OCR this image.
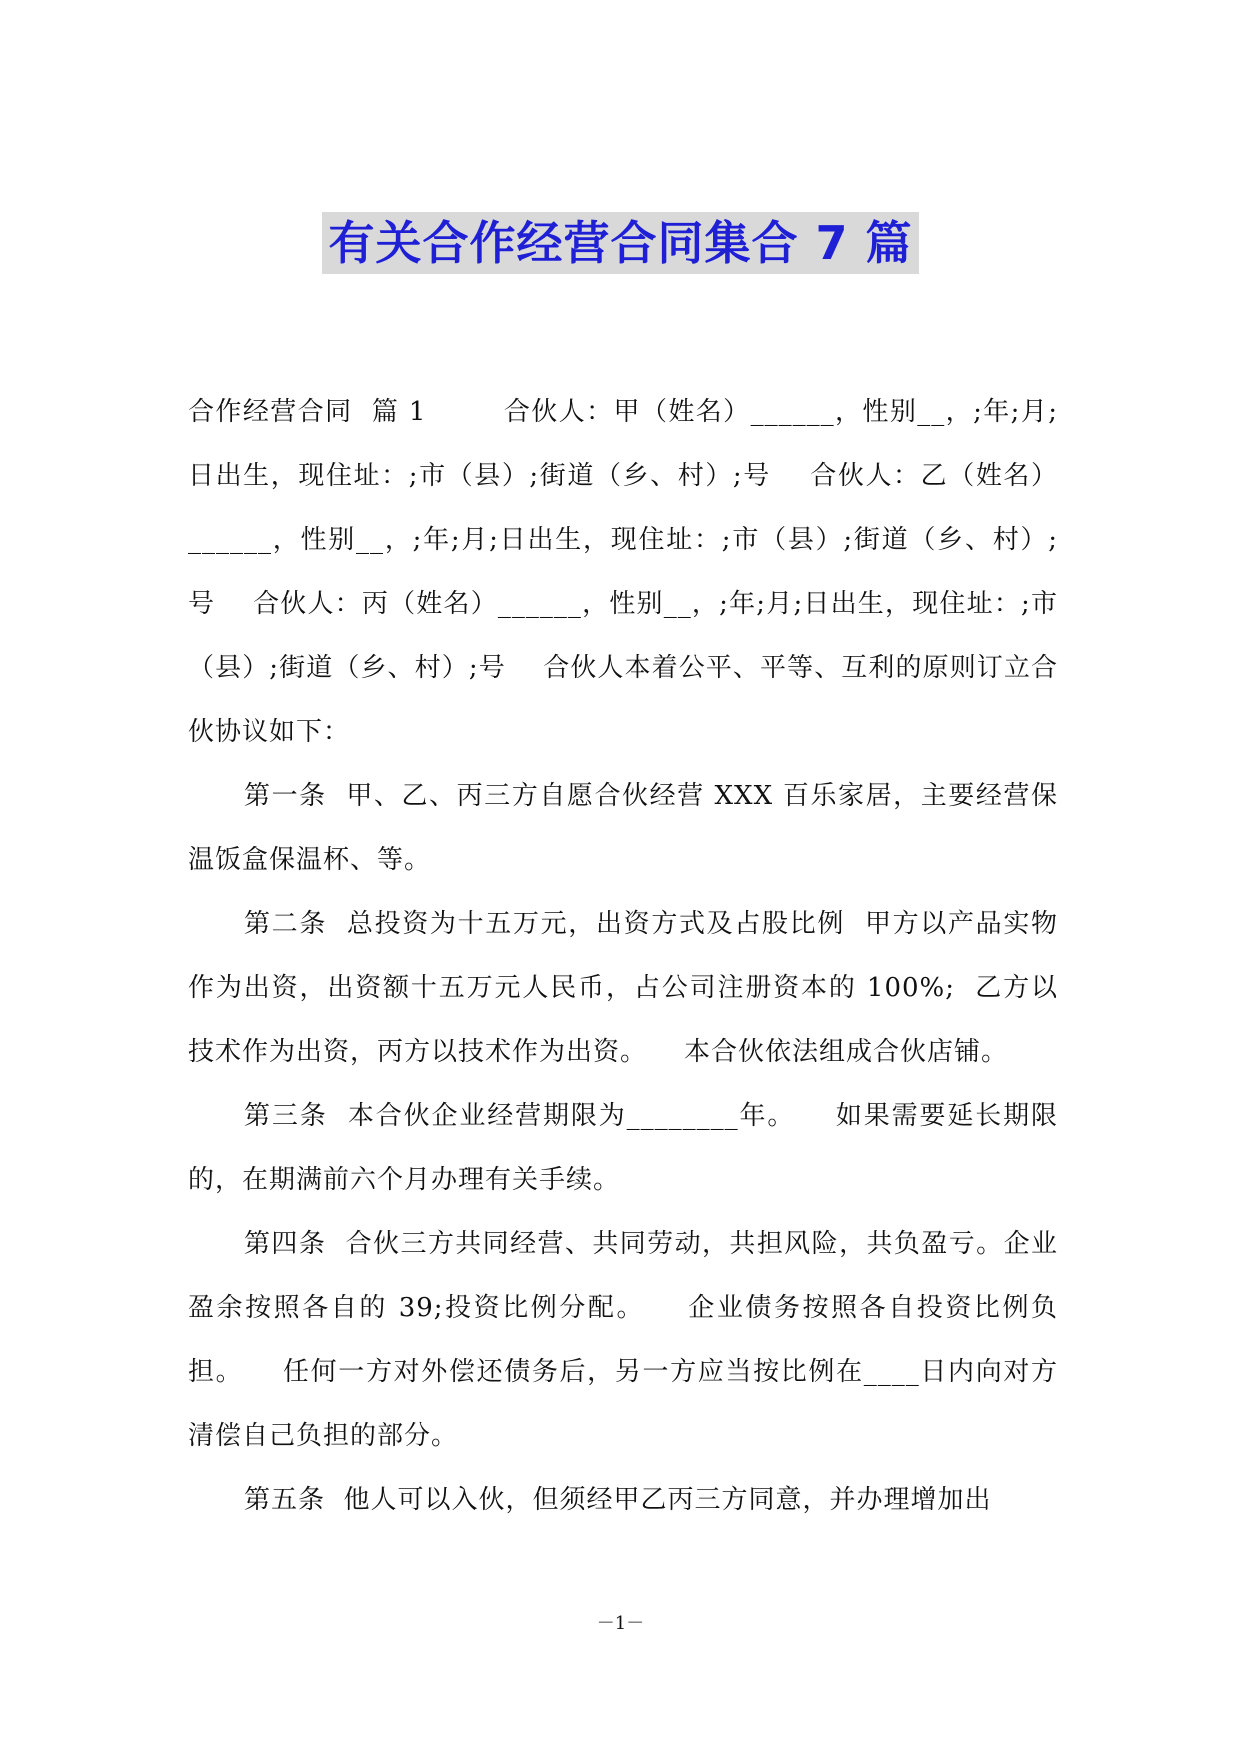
有关合作经营合同集合 7 篇

合作经营合同  篇 1        合伙人：甲（姓名）______，性别__，;年;月;日出生，现住址：;市（县）;街道（乡、村）;号    合伙人：乙（姓名）______，性别__，;年;月;日出生，现住址：;市（县）;街道（乡、村）;号    合伙人：丙（姓名）______，性别__，;年;月;日出生，现住址：;市（县）;街道（乡、村）;号    合伙人本着公平、平等、互利的原则订立合伙协议如下：

第一条  甲、乙、丙三方自愿合伙经营 XXX 百乐家居，主要经营保温饭盒保温杯、等。

第二条  总投资为十五万元，出资方式及占股比例  甲方以产品实物作为出资，出资额十五万元人民币，占公司注册资本的 100%;  乙方以技术作为出资，丙方以技术作为出资。    本合伙依法组成合伙店铺。

第三条  本合伙企业经营期限为________年。    如果需要延长期限的，在期满前六个月办理有关手续。

第四条  合伙三方共同经营、共同劳动，共担风险，共负盈亏。企业盈余按照各自的 39;投资比例分配。    企业债务按照各自投资比例负担。    任何一方对外偿还债务后，另一方应当按比例在____日内向对方清偿自己负担的部分。

第五条  他人可以入伙，但须经甲乙丙三方同意，并办理增加出

－1－
